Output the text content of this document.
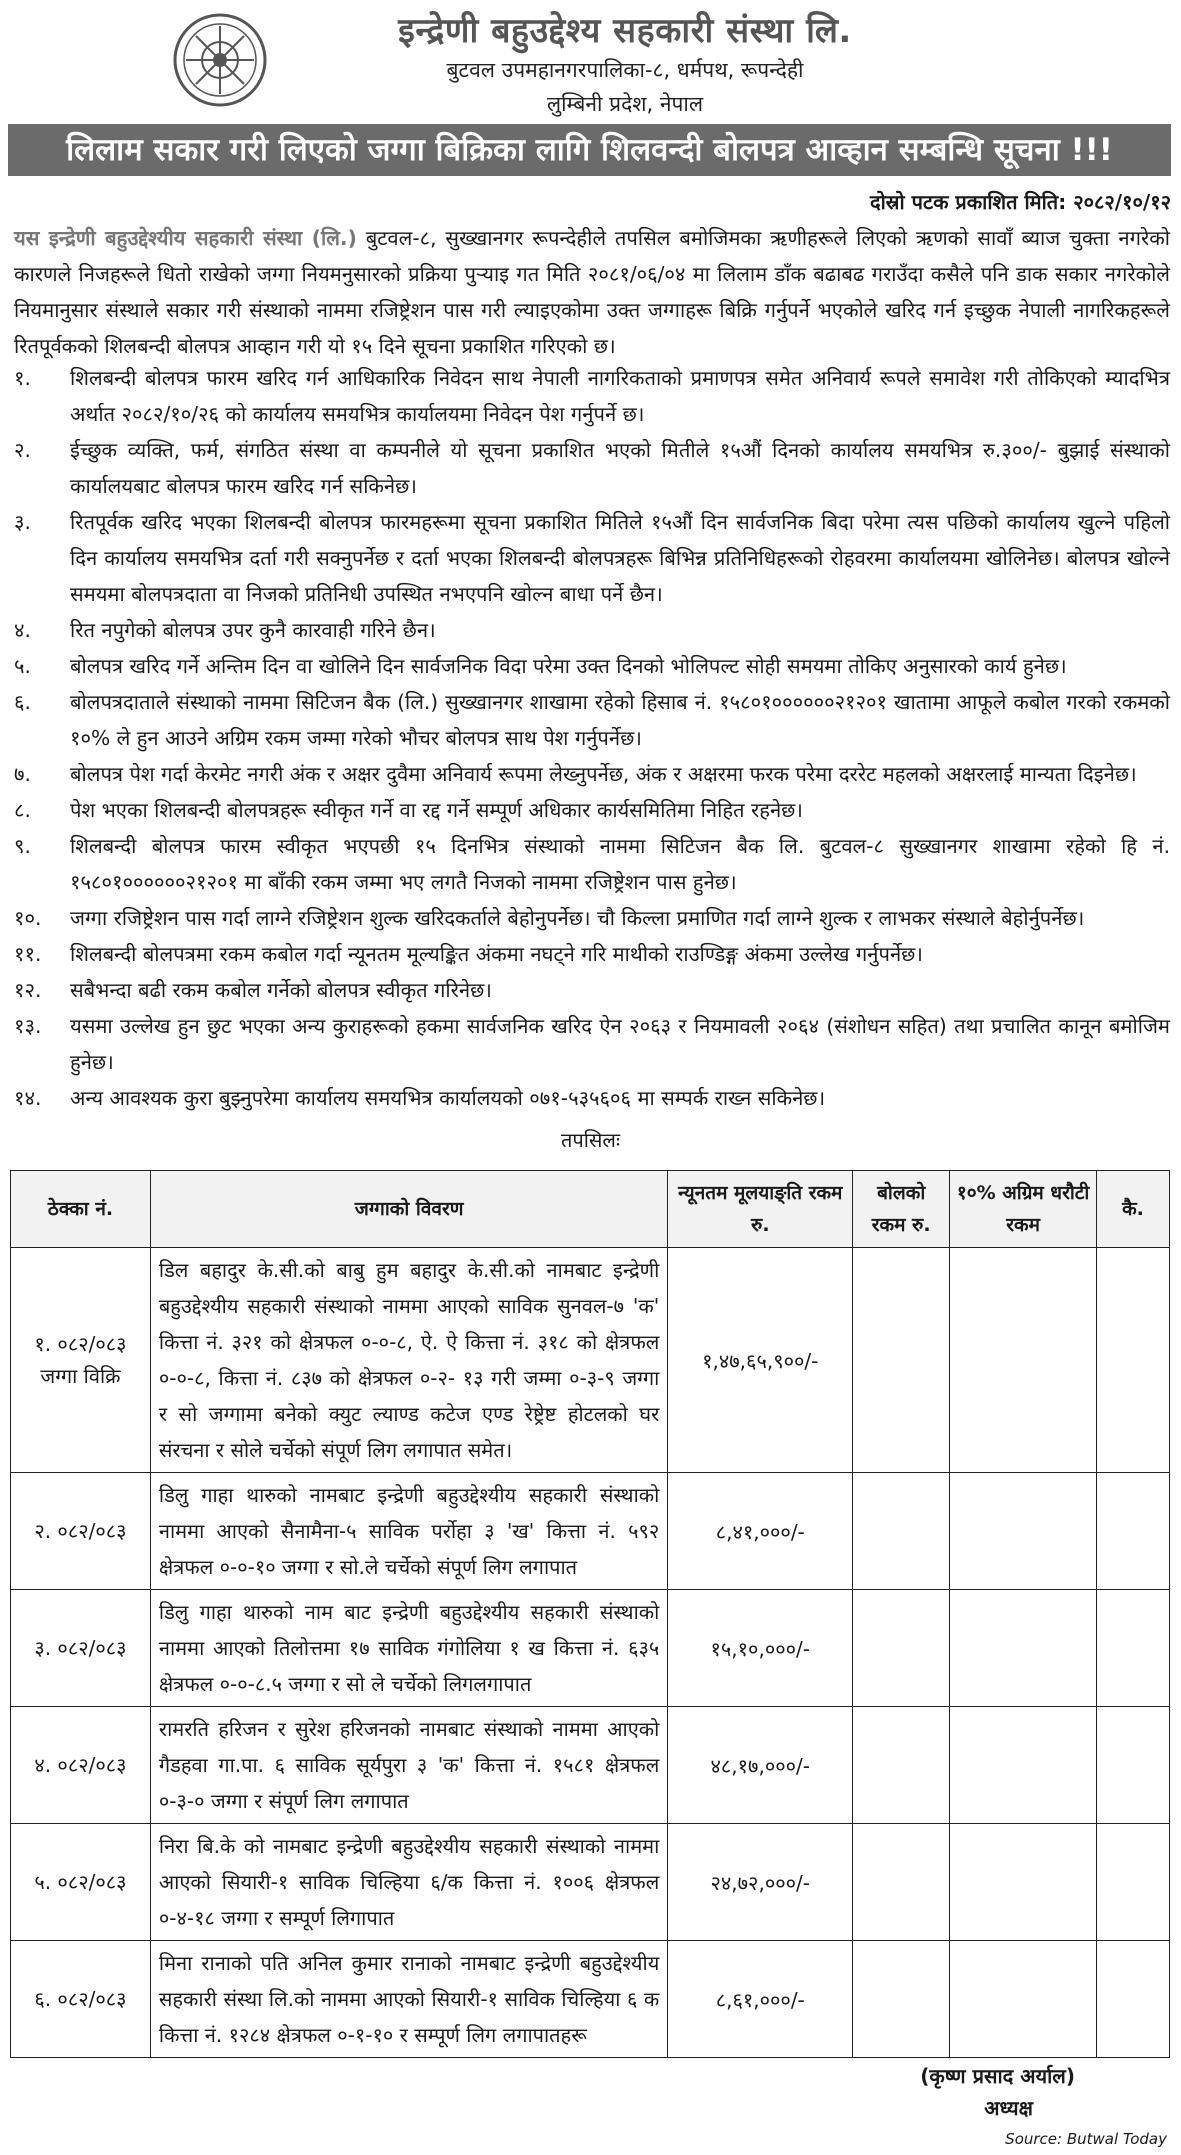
इन्द्रेणी बहुउद्देश्य सहकारी संस्था लि.
बुटवल उपमहानगरपालिका-८, धर्मपथ, रूपन्देही
लुम्बिनी प्रदेश, नेपाल
लिलाम सकार गरी लिएको जग्गा बिक्रिका लागि शिलवन्दी बोलपत्र आव्हान सम्बन्धि सूचना !!!
दोस्रो पटक प्रकाशित मिति: २०८२/१०/१२
यस इन्द्रेणी बहुउद्देश्यीय सहकारी संस्था (लि.) बुटवल-८, सुख्खानगर रूपन्देहीले तपसिल बमोजिमका ऋणीहरूले लिएको ऋणको सावाँ ब्याज चुक्ता नगरेको कारणले निजहरूले धितो राखेको जग्गा नियमनुसारको प्रक्रिया पुऱ्याइ गत मिति २०८१/०६/०४ मा लिलाम डाँक बढाबढ गराउँदा कसैले पनि डाक सकार नगरेकोले नियमानुसार संस्थाले सकार गरी संस्थाको नाममा रजिष्ट्रेशन पास गरी ल्याइएकोमा उक्त जग्गाहरू बिक्रि गर्नुपर्ने भएकोले खरिद गर्न इच्छुक नेपाली नागरिकहरूले रितपूर्वकको शिलबन्दी बोलपत्र आव्हान गरी यो १५ दिने सूचना प्रकाशित गरिएको छ।
१.	शिलबन्दी बोलपत्र फारम खरिद गर्न आधिकारिक निवेदन साथ नेपाली नागरिकताको प्रमाणपत्र समेत अनिवार्य रूपले समावेश गरी तोकिएको म्यादभित्र अर्थात २०८२/१०/२६ को कार्यालय समयभित्र कार्यालयमा निवेदन पेश गर्नुपर्ने छ।
२.	ईच्छुक व्यक्ति, फर्म, संगठित संस्था वा कम्पनीले यो सूचना प्रकाशित भएको मितीले १५औं दिनको कार्यालय समयभित्र रु.३००/- बुझाई संस्थाको कार्यालयबाट बोलपत्र फारम खरिद गर्न सकिनेछ।
३.	रितपूर्वक खरिद भएका शिलबन्दी बोलपत्र फारमहरूमा सूचना प्रकाशित मितिले १५औं दिन सार्वजनिक बिदा परेमा त्यस पछिको कार्यालय खुल्ने पहिलो दिन कार्यालय समयभित्र दर्ता गरी सक्नुपर्नेछ र दर्ता भएका शिलबन्दी बोलपत्रहरू बिभिन्न प्रतिनिधिहरूको रोहवरमा कार्यालयमा खोलिनेछ। बोलपत्र खोल्ने समयमा बोलपत्रदाता वा निजको प्रतिनिधी उपस्थित नभएपनि खोल्न बाधा पर्ने छैन।
४.	रित नपुगेको बोलपत्र उपर कुनै कारवाही गरिने छैन।
५.	बोलपत्र खरिद गर्ने अन्तिम दिन वा खोलिने दिन सार्वजनिक विदा परेमा उक्त दिनको भोलिपल्ट सोही समयमा तोकिए अनुसारको कार्य हुनेछ।
६.	बोलपत्रदाताले संस्थाको नाममा सिटिजन बैक (लि.) सुख्खानगर शाखामा रहेको हिसाब नं. १५८०१००००००२१२०१ खातामा आफूले कबोल गरको रकमको १०% ले हुन आउने अग्रिम रकम जम्मा गरेको भौचर बोलपत्र साथ पेश गर्नुपर्नेछ।
७.	बोलपत्र पेश गर्दा केरमेट नगरी अंक र अक्षर दुवैमा अनिवार्य रूपमा लेख्नुपर्नेछ, अंक र अक्षरमा फरक परेमा दररेट महलको अक्षरलाई मान्यता दिइनेछ।
८.	पेश भएका शिलबन्दी बोलपत्रहरू स्वीकृत गर्ने वा रद्द गर्ने सम्पूर्ण अधिकार कार्यसमितिमा निहित रहनेछ।
९.	शिलबन्दी बोलपत्र फारम स्वीकृत भएपछी १५ दिनभित्र संस्थाको नाममा सिटिजन बैक लि. बुटवल-८ सुख्खानगर शाखामा रहेको हि नं. १५८०१००००००२१२०१ मा बाँकी रकम जम्मा भए लगतै निजको नाममा रजिष्ट्रेशन पास हुनेछ।
१०.	जग्गा रजिष्ट्रेशन पास गर्दा लाग्ने रजिष्ट्रेशन शुल्क खरिदकर्ताले बेहोनुपर्नेछ। चौ किल्ला प्रमाणित गर्दा लाग्ने शुल्क र लाभकर संस्थाले बेहोर्नुपर्नेछ।
११.	शिलबन्दी बोलपत्रमा रकम कबोल गर्दा न्यूनतम मूल्यङ्कित अंकमा नघट्ने गरि माथीको राउण्डिङ्ग अंकमा उल्लेख गर्नुपर्नेछ।
१२.	सबैभन्दा बढी रकम कबोल गर्नेको बोलपत्र स्वीकृत गरिनेछ।
१३.	यसमा उल्लेख हुन छुट भएका अन्य कुराहरूको हकमा सार्वजनिक खरिद ऐन २०६३ र नियमावली २०६४ (संशोधन सहित) तथा प्रचालित कानून बमोजिम हुनेछ।
१४.	अन्य आवश्यक कुरा बुझ्नुपरेमा कार्यालय समयभित्र कार्यालयको ०७१-५३५६०६ मा सम्पर्क राख्न सकिनेछ।
तपसिलः
ठेक्का नं.	जग्गाको विवरण	न्यूनतम मूलयाङ्ति रकम रु.	बोलको रकम रु.	१०% अग्रिम धरौटी रकम	कै.

१. ०८२/०८३
जग्गा विक्रि	डिल बहादुर के.सी.को बाबु हुम बहादुर के.सी.को नामबाट इन्द्रेणी बहुउद्देश्यीय सहकारी संस्थाको नाममा आएको साविक सुनवल-७ 'क' कित्ता नं. ३२१ को क्षेत्रफल ०-०-८, ऐ. ऐ कित्ता नं. ३१८ को क्षेत्रफल ०-०-८, कित्ता नं. ८३७ को क्षेत्रफल ०-२- १३ गरी जम्मा ०-३-९ जग्गा र सो जग्गामा बनेको क्युट ल्याण्ड कटेज एण्ड रेष्ट्रेष्ट होटलको घर संरचना र सोले चर्चेको संपूर्ण लिग लगापात समेत।	१,४७,६५,९००/-			
२. ०८२/०८३	डिलु गाहा थारुको नामबाट इन्द्रेणी बहुउद्देश्यीय सहकारी संस्थाको नाममा आएको सैनामैना-५ साविक पर्रोहा ३ 'ख' कित्ता नं. ५९२ क्षेत्रफल ०-०-१० जग्गा र सो.ले चर्चेको संपूर्ण लिग लगापात	८,४१,०००/-			
३. ०८२/०८३	डिलु गाहा थारुको नाम बाट इन्द्रेणी बहुउद्देश्यीय सहकारी संस्थाको नाममा आएको तिलोत्तमा १७ साविक गंगोलिया १ ख कित्ता नं. ६३५ क्षेत्रफल ०-०-८.५ जग्गा र सो ले चर्चेको लिगलगापात	१५,१०,०००/-			
४. ०८२/०८३	रामरति हरिजन र सुरेश हरिजनको नामबाट संस्थाको नाममा आएको गैडहवा गा.पा. ६ साविक सूर्यपुरा ३ 'क' कित्ता नं. १५८१ क्षेत्रफल ०-३-० जग्गा र संपूर्ण लिग लगापात	४८,१७,०००/-			
५. ०८२/०८३	निरा बि.के को नामबाट इन्द्रेणी बहुउद्देश्यीय सहकारी संस्थाको नाममा आएको सियारी-१ साविक चिल्हिया ६/क कित्ता नं. १००६ क्षेत्रफल ०-४-१८ जग्गा र सम्पूर्ण लिगापात	२४,७२,०००/-			
६. ०८२/०८३	मिना रानाको पति अनिल कुमार रानाको नामबाट इन्द्रेणी बहुउद्देश्यीय सहकारी संस्था लि.को नाममा आएको सियारी-१ साविक चिल्हिया ६ क कित्ता नं. १२८४ क्षेत्रफल ०-१-१० र सम्पूर्ण लिग लगापातहरू	८,६१,०००/-			
(कृष्ण प्रसाद अर्याल)
अध्यक्ष
Source: Butwal Today
